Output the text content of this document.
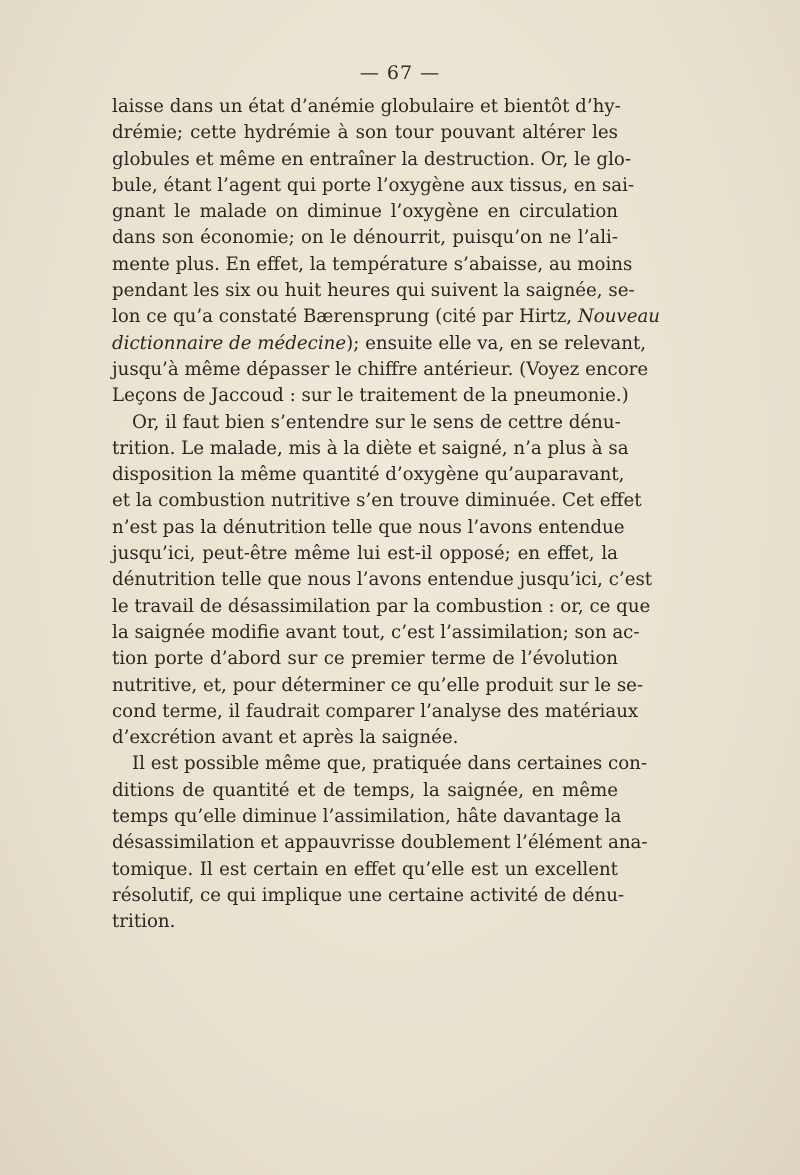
— 67 —
laisse dans un état d’anémie globulaire et bientôt d’hy-
drémie; cette hydrémie à son tour pouvant altérer les
globules et même en entraîner la destruction. Or, le glo-
bule, étant l’agent qui porte l’oxygène aux tissus, en sai-
gnant le malade on diminue l’oxygène en circulation
dans son économie; on le dénourrit, puisqu’on ne l’ali-
mente plus. En effet, la température s’abaisse, au moins
pendant les six ou huit heures qui suivent la saignée, se-
lon ce qu’a constaté Bærensprung (cité par Hirtz, Nouveau
dictionnaire de médecine); ensuite elle va, en se relevant,
jusqu’à même dépasser le chiffre antérieur. (Voyez encore
Leçons de Jaccoud : sur le traitement de la pneumonie.)
Or, il faut bien s’entendre sur le sens de cettre dénu-
trition. Le malade, mis à la diète et saigné, n’a plus à sa
disposition la même quantité d’oxygène qu’auparavant,
et la combustion nutritive s’en trouve diminuée. Cet effet
n’est pas la dénutrition telle que nous l’avons entendue
jusqu’ici, peut-être même lui est-il opposé; en effet, la
dénutrition telle que nous l’avons entendue jusqu’ici, c’est
le travail de désassimilation par la combustion : or, ce que
la saignée modifie avant tout, c’est l’assimilation; son ac-
tion porte d’abord sur ce premier terme de l’évolution
nutritive, et, pour déterminer ce qu’elle produit sur le se-
cond terme, il faudrait comparer l’analyse des matériaux
d’excrétion avant et après la saignée.
Il est possible même que, pratiquée dans certaines con-
ditions de quantité et de temps, la saignée, en même
temps qu’elle diminue l’assimilation, hâte davantage la
désassimilation et appauvrisse doublement l’élément ana-
tomique. Il est certain en effet qu’elle est un excellent
résolutif, ce qui implique une certaine activité de dénu-
trition.
